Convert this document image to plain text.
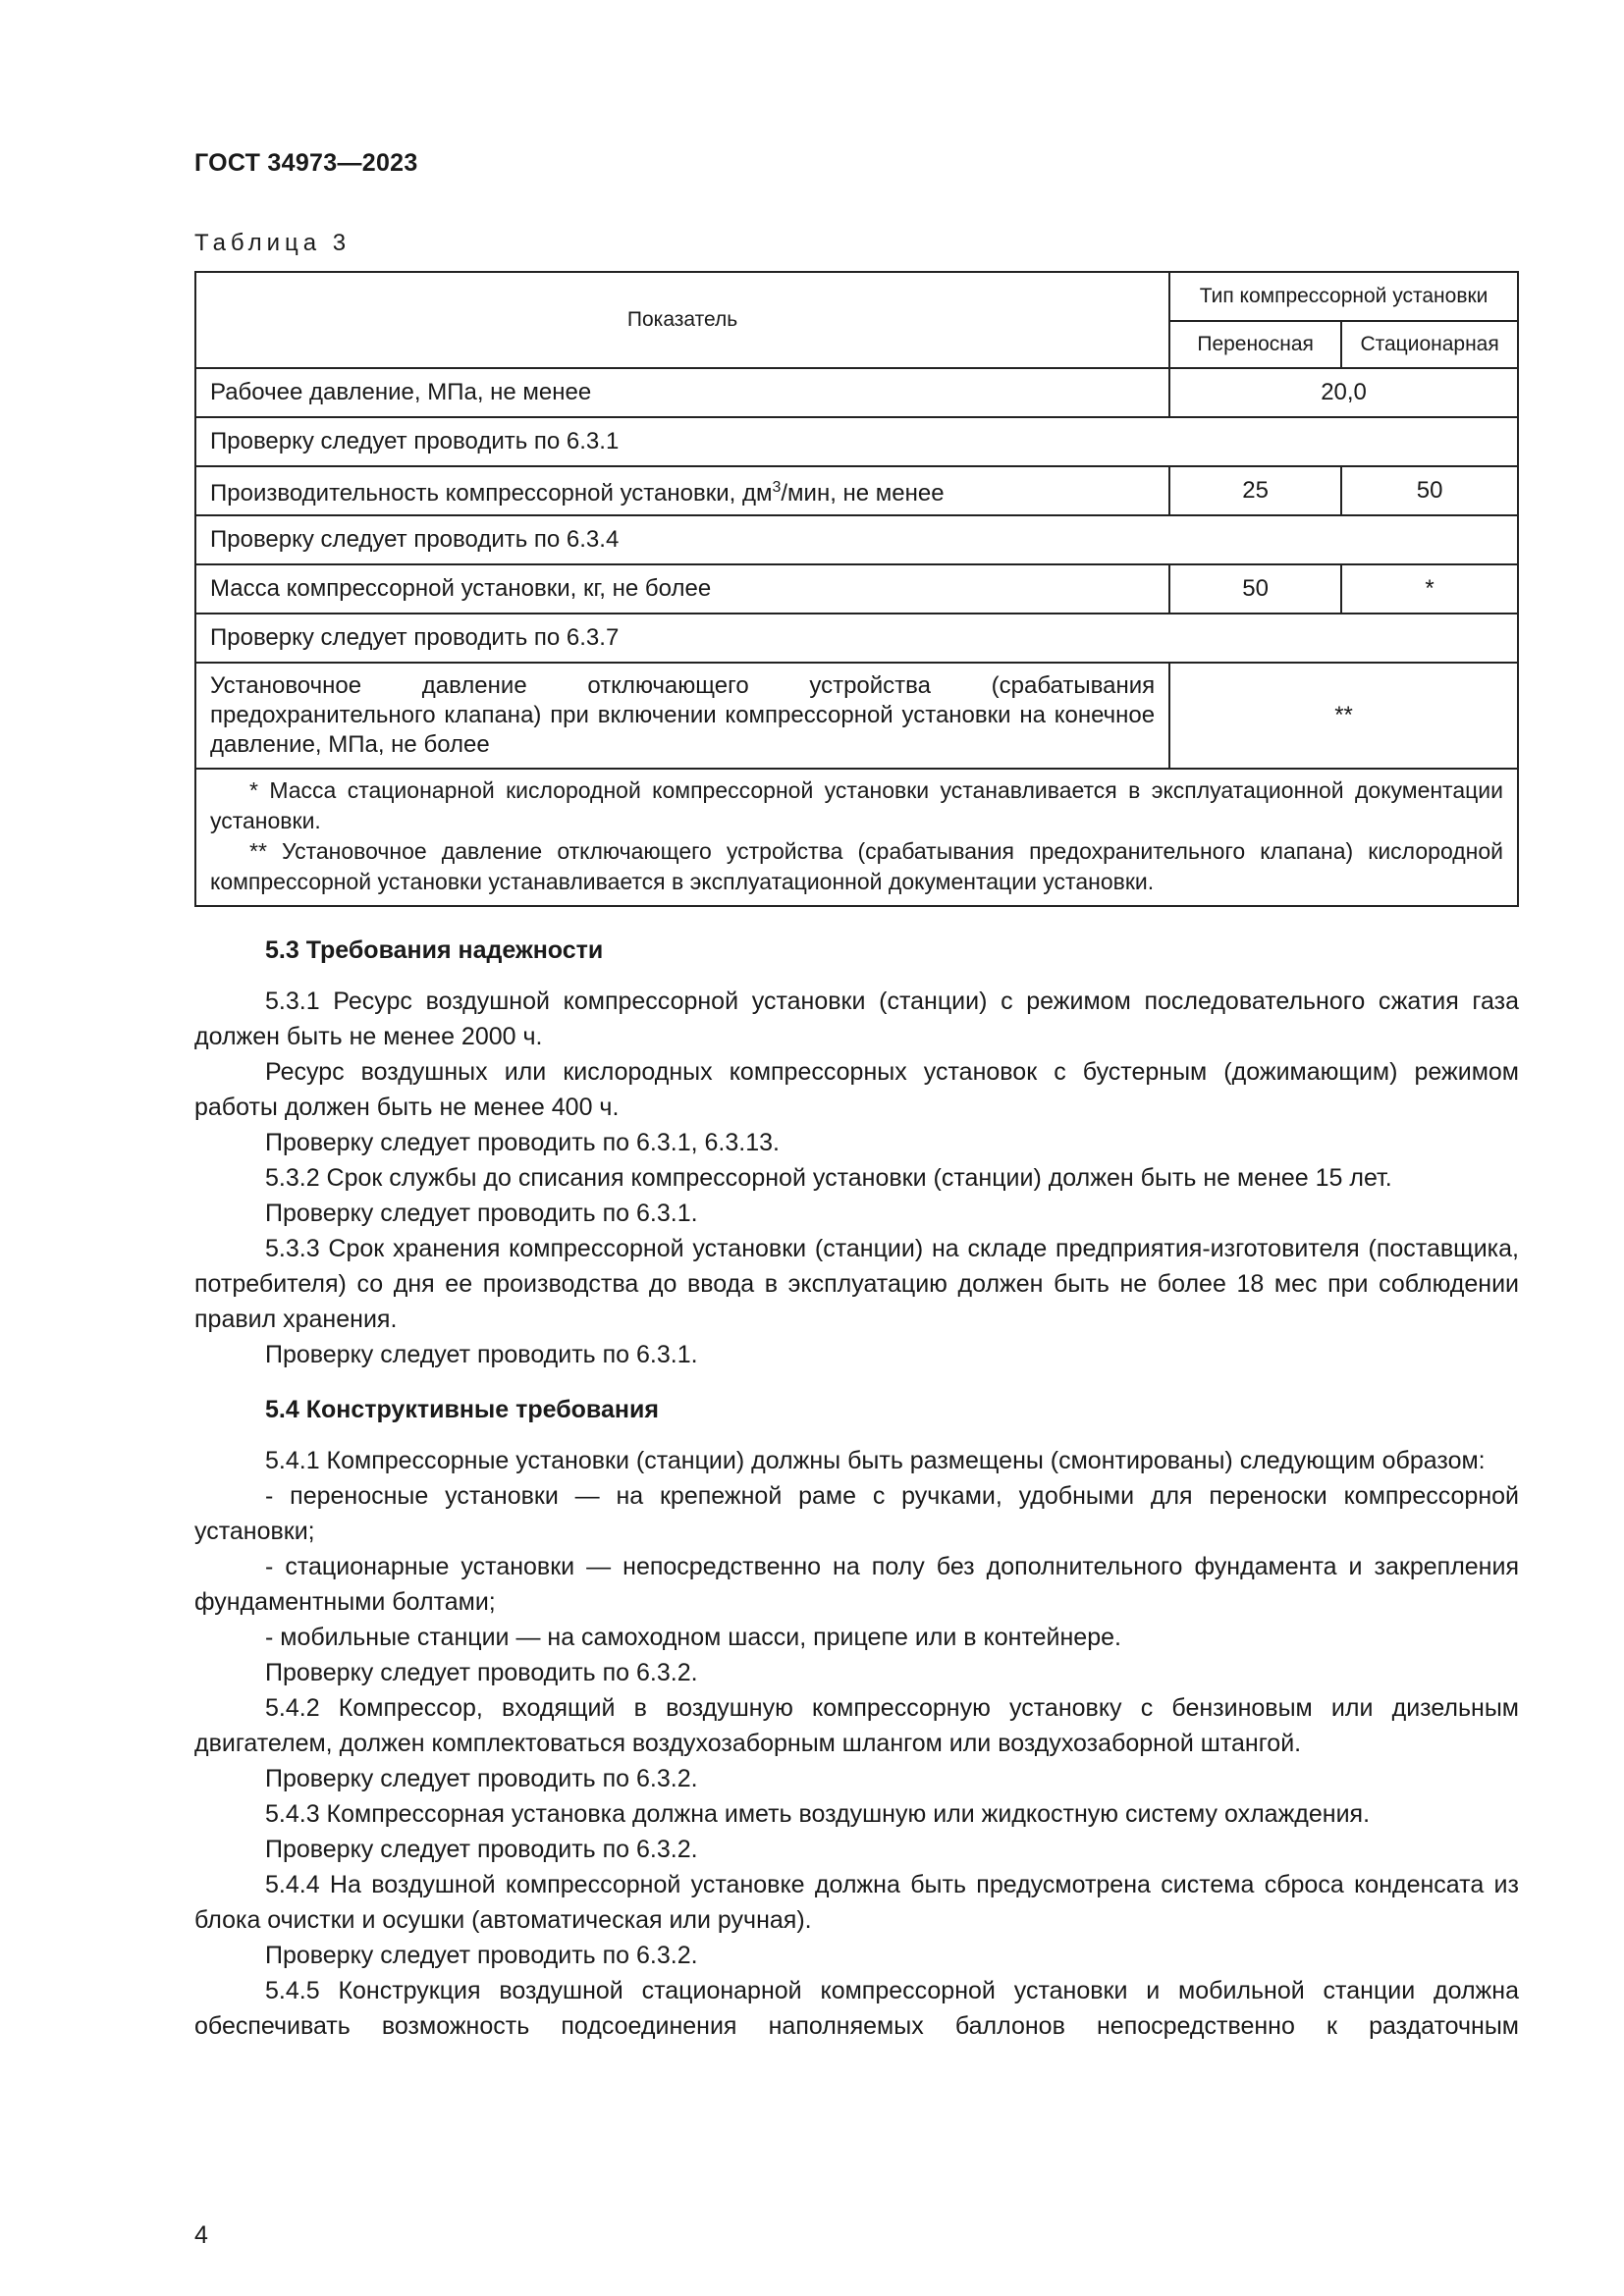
ГОСТ 34973—2023
Таблица 3
Показатель	Тип компрессорной установки	
	Переносная	Стационарная
Рабочее давление, МПа, не менее	20,0	
Проверку следует проводить по 6.3.1		
Производительность компрессорной установки, $дм^3$/мин, не менее	25	50
Проверку следует проводить по 6.3.4		
Масса компрессорной установки, кг, не более	50	*
Проверку следует проводить по 6.3.7		
Установочное давление отключающего устройства (срабатывания предохранительного клапана) при включении компрессорной установки на конечное давление, МПа, не более	**	

* Масса стационарной кислородной компрессорной установки устанавливается в эксплуатационной документации установки.

** Установочное давление отключающего устройства (срабатывания предохранительного клапана) кислородной компрессорной установки устанавливается в эксплуатационной документации установки.		

5.3 Требования надежности

5.3.1 Ресурс воздушной компрессорной установки (станции) с режимом последовательного сжатия газа должен быть не менее 2000 ч.

Ресурс воздушных или кислородных компрессорных установок с бустерным (дожимающим) режимом работы должен быть не менее 400 ч.

Проверку следует проводить по 6.3.1, 6.3.13.

5.3.2 Срок службы до списания компрессорной установки (станции) должен быть не менее 15 лет.

Проверку следует проводить по 6.3.1.

5.3.3 Срок хранения компрессорной установки (станции) на складе предприятия-изготовителя (поставщика, потребителя) со дня ее производства до ввода в эксплуатацию должен быть не более 18 мес при соблюдении правил хранения.

Проверку следует проводить по 6.3.1.

5.4 Конструктивные требования

5.4.1 Компрессорные установки (станции) должны быть размещены (смонтированы) следующим образом:

- переносные установки — на крепежной раме с ручками, удобными для переноски компрессорной установки;

- стационарные установки — непосредственно на полу без дополнительного фундамента и закрепления фундаментными болтами;

- мобильные станции — на самоходном шасси, прицепе или в контейнере.

Проверку следует проводить по 6.3.2.

5.4.2 Компрессор, входящий в воздушную компрессорную установку с бензиновым или дизельным двигателем, должен комплектоваться воздухозаборным шлангом или воздухозаборной штангой.

Проверку следует проводить по 6.3.2.

5.4.3 Компрессорная установка должна иметь воздушную или жидкостную систему охлаждения.

Проверку следует проводить по 6.3.2.

5.4.4 На воздушной компрессорной установке должна быть предусмотрена система сброса конденсата из блока очистки и осушки (автоматическая или ручная).

Проверку следует проводить по 6.3.2.

5.4.5 Конструкция воздушной стационарной компрессорной установки и мобильной станции должна обеспечивать возможность подсоединения наполняемых баллонов непосредственно к раздаточным

4
